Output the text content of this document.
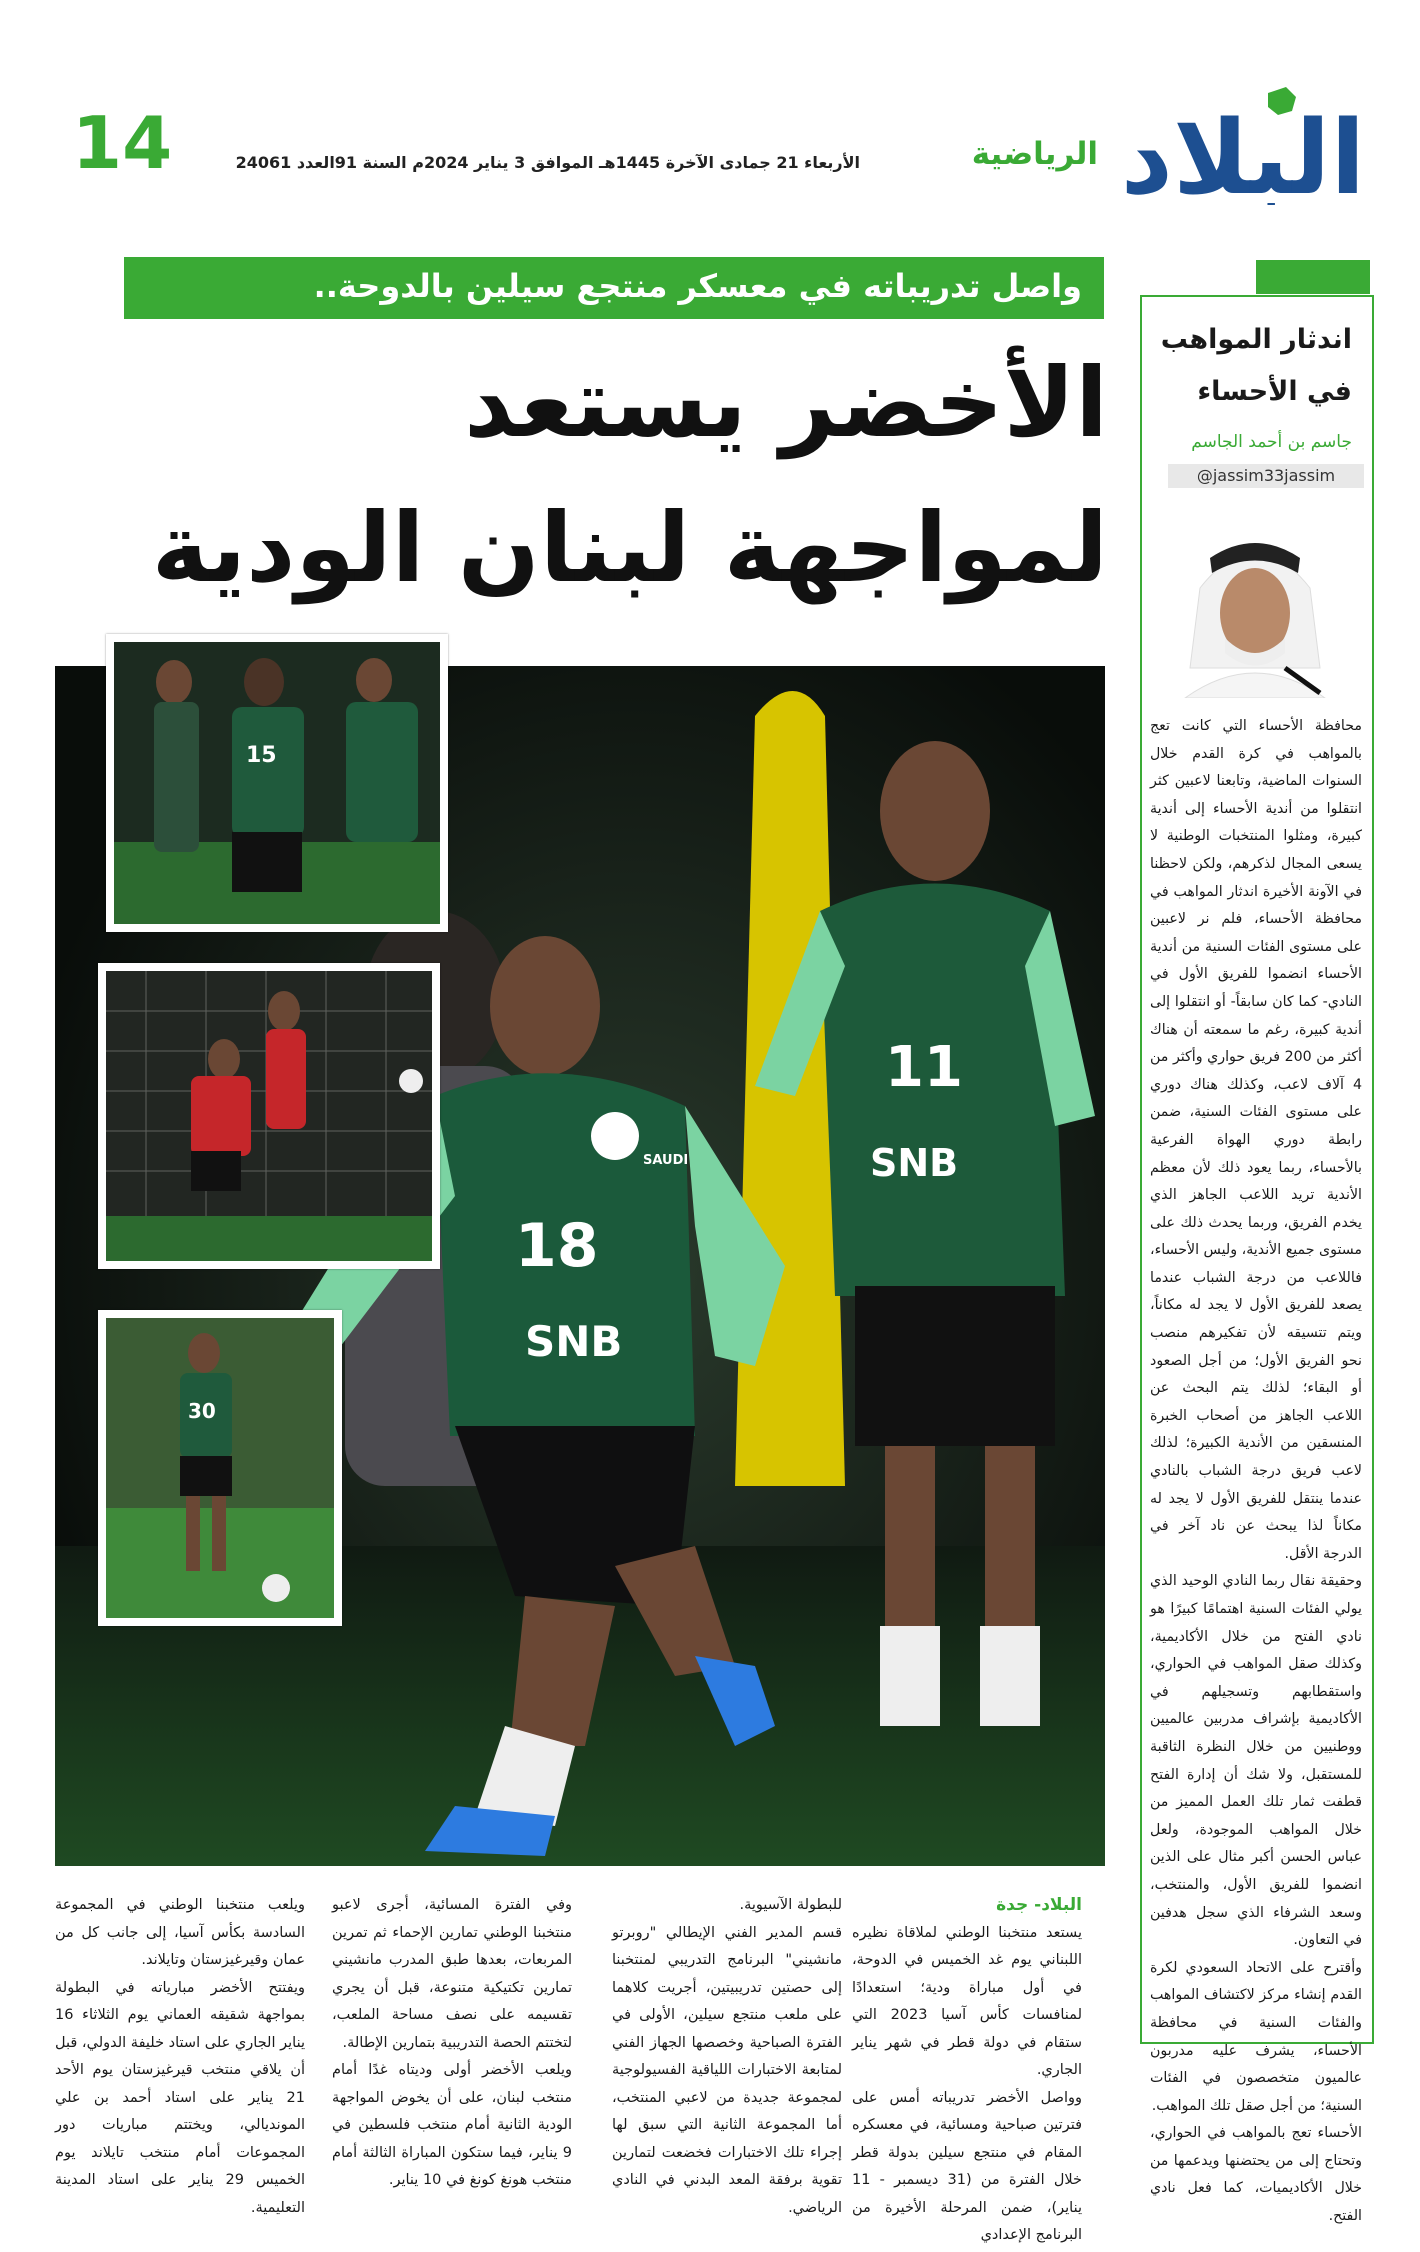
البلاد
الرياضية
الأربعاء 21 جمادى الآخرة 1445هـ الموافق 3 يناير 2024م السنة 91العدد 24061
14
واصل تدريباته في معسكر منتجع سيلين بالدوحة..
الأخضر يستعد
لمواجهة لبنان الودية
11
SNB
SAUDI
18
SNB
15
30
اندثار المواهب
في الأحساء
جاسم بن أحمد الجاسم
@jassim33jassim

محافظة الأحساء التي كانت تعج بالمواهب في كرة القدم خلال السنوات الماضية، وتابعنا لاعبين كثر انتقلوا من أندية الأحساء إلى أندية كبيرة، ومثلوا المنتخبات الوطنية لا يسعى المجال لذكرهم، ولكن لاحظنا في الآونة الأخيرة اندثار المواهب في محافظة الأحساء، فلم نر لاعبين على مستوى الفئات السنية من أندية الأحساء انضموا للفريق الأول في النادي- كما كان سابقاً- أو انتقلوا إلى أندية كبيرة، رغم ما سمعته أن هناك أكثر من 200 فريق حواري وأكثر من 4 آلاف لاعب، وكذلك هناك دوري على مستوى الفئات السنية، ضمن رابطة دوري الهواة الفرعية بالأحساء، ربما يعود ذلك لأن معظم الأندية تريد اللاعب الجاهز الذي يخدم الفريق، وربما يحدث ذلك على مستوى جميع الأندية، وليس الأحساء، فاللاعب من درجة الشباب عندما يصعد للفريق الأول لا يجد له مكاناً، ويتم تتسيقه لأن تفكيرهم منصب نحو الفريق الأول؛ من أجل الصعود أو البقاء؛ لذلك يتم البحث عن اللاعب الجاهز من أصحاب الخبرة المنسقين من الأندية الكبيرة؛ لذلك لاعب فريق درجة الشباب بالنادي عندما ينتقل للفريق الأول لا يجد له مكاناً لذا يبحث عن ناد آخر في الدرجة الأقل.

وحقيقة نقال ربما النادي الوحيد الذي يولي الفئات السنية اهتمامًا كبيرًا هو نادي الفتح من خلال الأكاديمية، وكذلك صقل المواهب في الحواري، واستقطابهم وتسجيلهم في الأكاديمية بإشراف مدربين عالميين ووطنيين من خلال النظرة الثاقبة للمستقبل، ولا شك أن إدارة الفتح قطفت ثمار تلك العمل المميز من خلال المواهب الموجودة، ولعل عباس الحسن أكبر مثال على الذين انضموا للفريق الأول، والمنتخب، وسعد الشرفاء الذي سجل هدفين في التعاون.

وأقترح على الاتحاد السعودي لكرة القدم إنشاء مركز لاكتشاف المواهب والفئات السنية في محافظة الأحساء، يشرف عليه مدربون عالميون متخصصون في الفئات السنية؛ من أجل صقل تلك المواهب.

الأحساء تعج بالمواهب في الحواري، وتحتاج إلى من يحتضنها ويدعمها من خلال الأكاديميات، كما فعل نادي الفتح.

البلاد- جدة

يستعد منتخبنا الوطني لملاقاة نظيره اللبناني يوم غد الخميس في الدوحة، في أول مباراة ودية؛ استعدادًا لمنافسات كأس آسيا 2023 التي ستقام في دولة قطر في شهر يناير الجاري.

وواصل الأخضر تدريباته أمس على فترتين صباحية ومسائية، في معسكره المقام في منتجع سيلين بدولة قطر خلال الفترة من (31 ديسمبر - 11 يناير)، ضمن المرحلة الأخيرة من البرنامج الإعدادي

للبطولة الآسيوية.

قسم المدير الفني الإيطالي "روبرتو مانشيني" البرنامج التدريبي لمنتخبنا إلى حصتين تدريبيتين، أجريت كلاهما على ملعب منتجع سيلين، الأولى في الفترة الصباحية وخصصها الجهاز الفني لمتابعة الاختبارات اللياقية الفسيولوجية لمجموعة جديدة من لاعبي المنتخب، أما المجموعة الثانية التي سبق لها إجراء تلك الاختبارات فخضعت لتمارين تقوية برفقة المعد البدني في النادي الرياضي.

وفي الفترة المسائية، أجرى لاعبو منتخبنا الوطني تمارين الإحماء ثم تمرين المربعات، بعدها طبق المدرب مانشيني تمارين تكتيكية متنوعة، قبل أن يجري تقسيمه على نصف مساحة الملعب، لتختتم الحصة التدريبية بتمارين الإطالة.

ويلعب الأخضر أولى وديتاه غدًا أمام منتخب لبنان، على أن يخوض المواجهة الودية الثانية أمام منتخب فلسطين في 9 يناير، فيما ستكون المباراة الثالثة أمام منتخب هونغ كونغ في 10 يناير.

ويلعب منتخبنا الوطني في المجموعة السادسة بكأس آسيا، إلى جانب كل من عمان وقيرغيزستان وتايلاند.

ويفتتح الأخضر مبارياته في البطولة بمواجهة شقيقه العماني يوم الثلاثاء 16 يناير الجاري على استاد خليفة الدولي، قبل أن يلاقي منتخب قيرغيزستان يوم الأحد 21 يناير على استاد أحمد بن علي المونديالي، ويختتم مباريات دور المجموعات أمام منتخب تايلاند يوم الخميس 29 يناير على استاد المدينة التعليمية.
